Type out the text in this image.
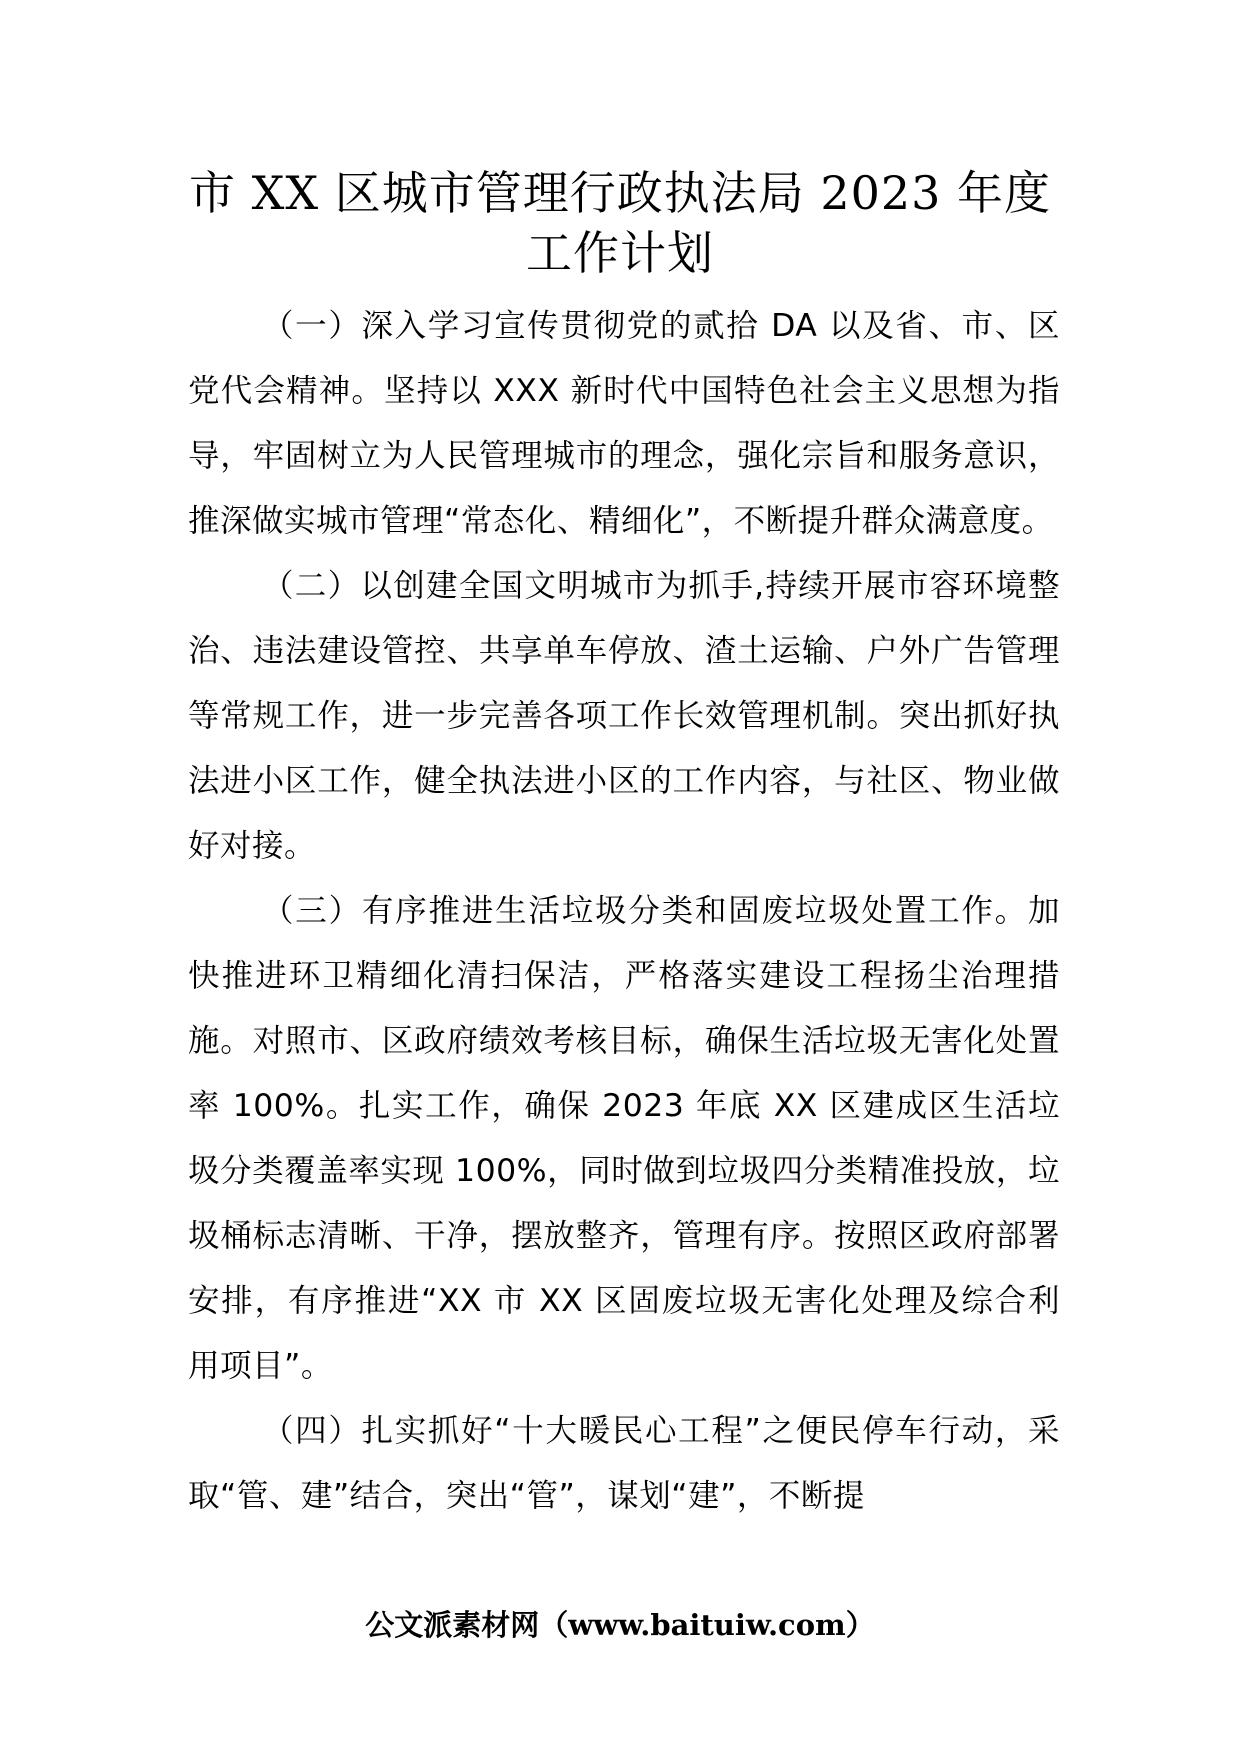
市 XX 区城市管理行政执法局 2023 年度
工作计划

（一）深入学习宣传贯彻党的贰拾 DA 以及省、市、区党代会精神。坚持以 XXX 新时代中国特色社会主义思想为指导，牢固树立为人民管理城市的理念，强化宗旨和服务意识，推深做实城市管理“常态化、精细化”，不断提升群众满意度。

（二）以创建全国文明城市为抓手,持续开展市容环境整治、违法建设管控、共享单车停放、渣土运输、户外广告管理等常规工作，进一步完善各项工作长效管理机制。突出抓好执法进小区工作，健全执法进小区的工作内容，与社区、物业做好对接。

（三）有序推进生活垃圾分类和固废垃圾处置工作。加快推进环卫精细化清扫保洁，严格落实建设工程扬尘治理措施。对照市、区政府绩效考核目标，确保生活垃圾无害化处置率 100%。扎实工作，确保 2023 年底 XX 区建成区生活垃圾分类覆盖率实现 100%，同时做到垃圾四分类精准投放，垃圾桶标志清晰、干净，摆放整齐，管理有序。按照区政府部署安排，有序推进“XX 市 XX 区固废垃圾无害化处理及综合利用项目”。

（四）扎实抓好“十大暖民心工程”之便民停车行动，采取“管、建”结合，突出“管”，谋划“建”，不断提

公文派素材网（www.baituiw.com）
